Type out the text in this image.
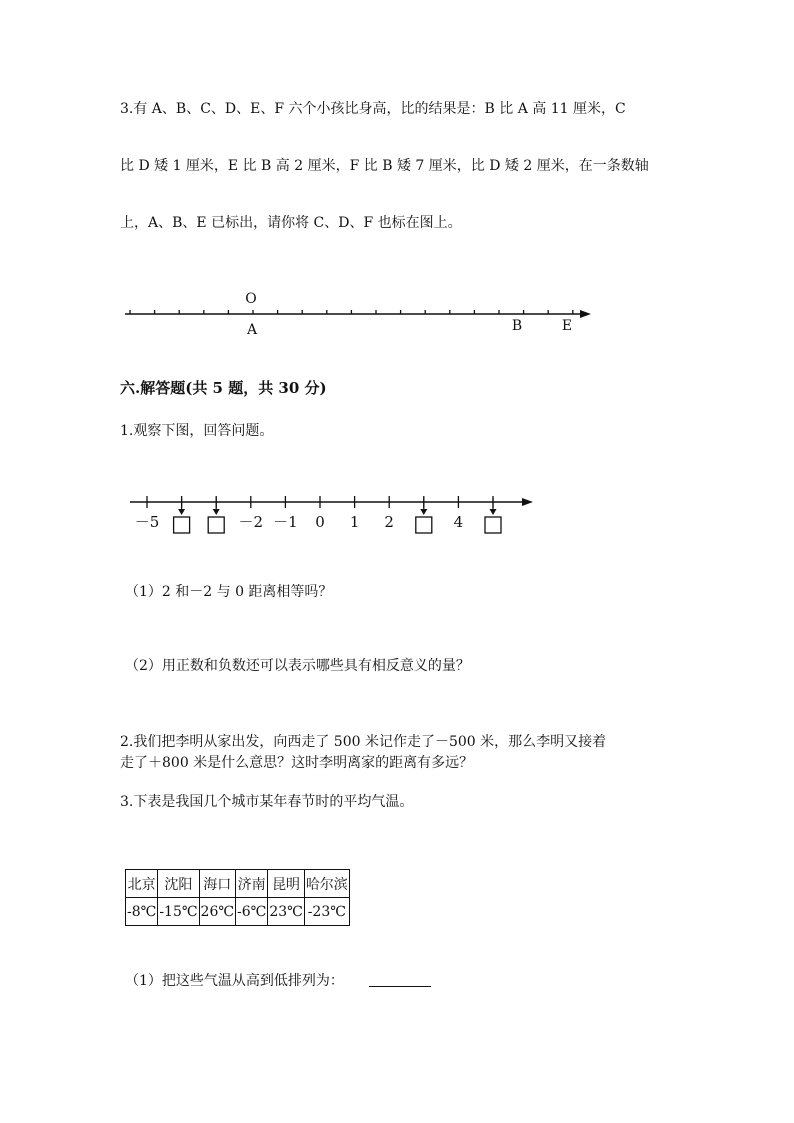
3.有 A、B、C、D、E、F 六个小孩比身高，比的结果是：B 比 A 高 11 厘米，C
比 D 矮 1 厘米，E 比 B 高 2 厘米，F 比 B 矮 7 厘米，比 D 矮 2 厘米，在一条数轴
上，A、B、E 已标出，请你将 C、D、F 也标在图上。
O
A	B	E
六.解答题(共 5 题，共 30 分)
1.观察下图，回答问题。
－5	－2 －1 0 1 2	4
（1）2 和－2 与 0 距离相等吗？
（2）用正数和负数还可以表示哪些具有相反意义的量？
2.我们把李明从家出发，向西走了 500 米记作走了－500 米，那么李明又接着
走了＋800 米是什么意思？这时李明离家的距离有多远？
3.下表是我国几个城市某年春节时的平均气温。
北京	沈阳	海口	济南	昆明	哈尔滨
-8℃	-15℃	26℃	-6℃	23℃	-23℃
（1）把这些气温从高到低排列为：
